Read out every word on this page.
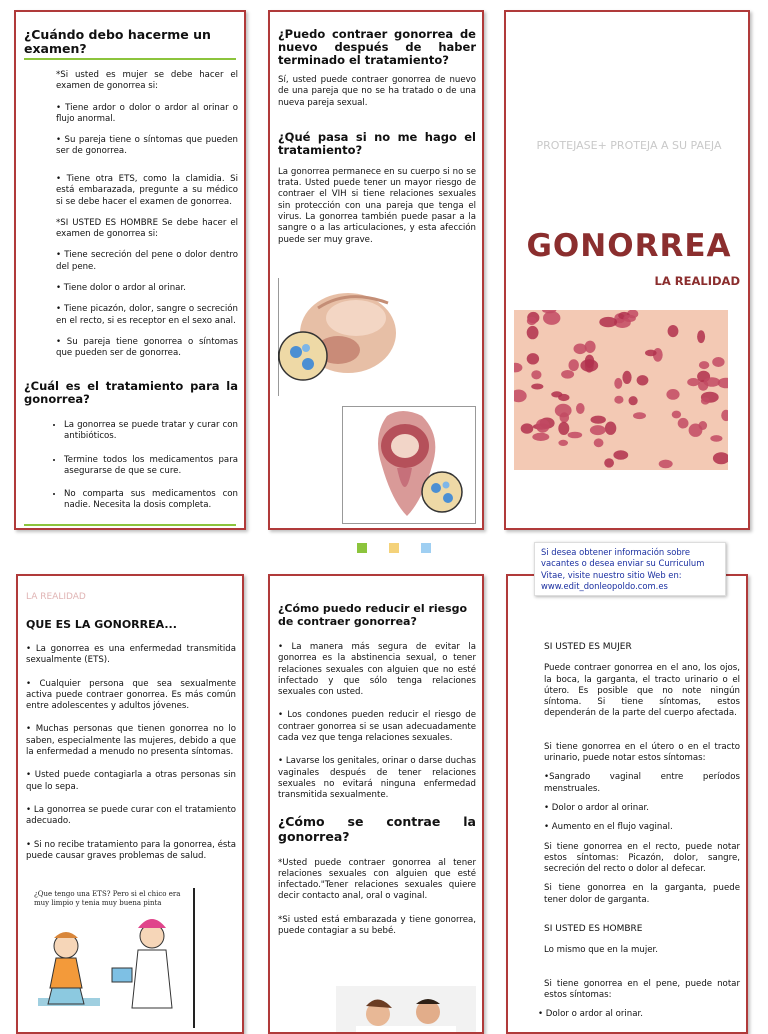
¿Cuándo debo hacerme un examen?

*Si usted es mujer se debe hacer el examen de gonorrea si:

• Tiene ardor o dolor o ardor al orinar o flujo anormal.

• Su pareja tiene o síntomas que pueden ser de gonorrea.

• Tiene otra ETS, como la clamidia. Si está embarazada, pregunte a su médico si se debe hacer el examen de gonorrea.

*SI USTED ES HOMBRE Se debe hacer el examen de gonorrea si:

• Tiene secreción del pene o dolor dentro del pene.

• Tiene dolor o ardor al orinar.

• Tiene picazón, dolor, sangre o secreción en el recto, si es receptor en el sexo anal.

• Su pareja tiene gonorrea o síntomas que pueden ser de gonorrea.

¿Cuál es el tratamiento para la gonorrea?

• La gonorrea se puede tratar y curar con antibióticos.
• Termine todos los medicamentos para asegurarse de que se cure.
• No comparta sus medicamentos con nadie. Necesita la dosis completa.

¿Puedo contraer gonorrea de nuevo después de haber terminado el tratamiento?

Sí, usted puede contraer gonorrea de nuevo de una pareja que no se ha tratado o de una nueva pareja sexual.

¿Qué pasa si no me hago el tratamiento?

La gonorrea permanece en su cuerpo si no se trata. Usted puede tener un mayor riesgo de contraer el VIH si tiene relaciones sexuales sin protección con una pareja que tenga el virus. La gonorrea también puede pasar a la sangre o a las articulaciones, y esta afección puede ser muy grave.

PROTEJASE+ PROTEJA A SU PAEJA
GONORREA
LA REALIDAD
LA REALIDAD
QUE ES LA GONORREA...

• La gonorrea es una enfermedad transmitida sexualmente (ETS).

• Cualquier persona que sea sexualmente activa puede contraer gonorrea. Es más común entre adolescentes y adultos jóvenes.

• Muchas personas que tienen gonorrea no lo saben, especialmente las mujeres, debido a que la enfermedad a menudo no presenta síntomas.

• Usted puede contagiarla a otras personas sin que lo sepa.

• La gonorrea se puede curar con el tratamiento adecuado.

• Si no recibe tratamiento para la gonorrea, ésta puede causar graves problemas de salud.

¿Que tengo una ETS? Pero si el chico era muy limpio y tenia muy buena pinta

¿Cómo puedo reducir el riesgo de contraer gonorrea?

• La manera más segura de evitar la gonorrea es la abstinencia sexual, o tener relaciones sexuales con alguien que no esté infectado y que sólo tenga relaciones sexuales con usted.

• Los condones pueden reducir el riesgo de contraer gonorrea si se usan adecuadamente cada vez que tenga relaciones sexuales.

• Lavarse los genitales, orinar o darse duchas vaginales después de tener relaciones sexuales no evitará ninguna enfermedad transmitida sexualmente.

¿Cómo se contrae la gonorrea?

*Usted puede contraer gonorrea al tener relaciones sexuales con alguien que esté infectado."Tener relaciones sexuales quiere decir contacto anal, oral o vaginal.

*Si usted está embarazada y tiene gonorrea, puede contagiar a su bebé.

SI USTED ES MUJER

Puede contraer gonorrea en el ano, los ojos, la boca, la garganta, el tracto urinario o el útero. Es posible que no note ningún síntoma. Si tiene síntomas, estos dependerán de la parte del cuerpo afectada.

Si tiene gonorrea en el útero o en el tracto urinario, puede notar estos síntomas:

•Sangrado vaginal entre períodos menstruales.

• Dolor o ardor al orinar.

• Aumento en el flujo vaginal.

Si tiene gonorrea en el recto, puede notar estos síntomas: Picazón, dolor, sangre, secreción del recto o dolor al defecar.

Si tiene gonorrea en la garganta, puede tener dolor de garganta.

SI USTED ES HOMBRE

Lo mismo que en la mujer.

Si tiene gonorrea en el pene, puede notar estos síntomas:

• Dolor o ardor al orinar.

Si desea obtener información sobre vacantes o desea enviar su Curriculum Vitae, visite nuestro sitio Web en: www.edit_donleopoldo.com.es
